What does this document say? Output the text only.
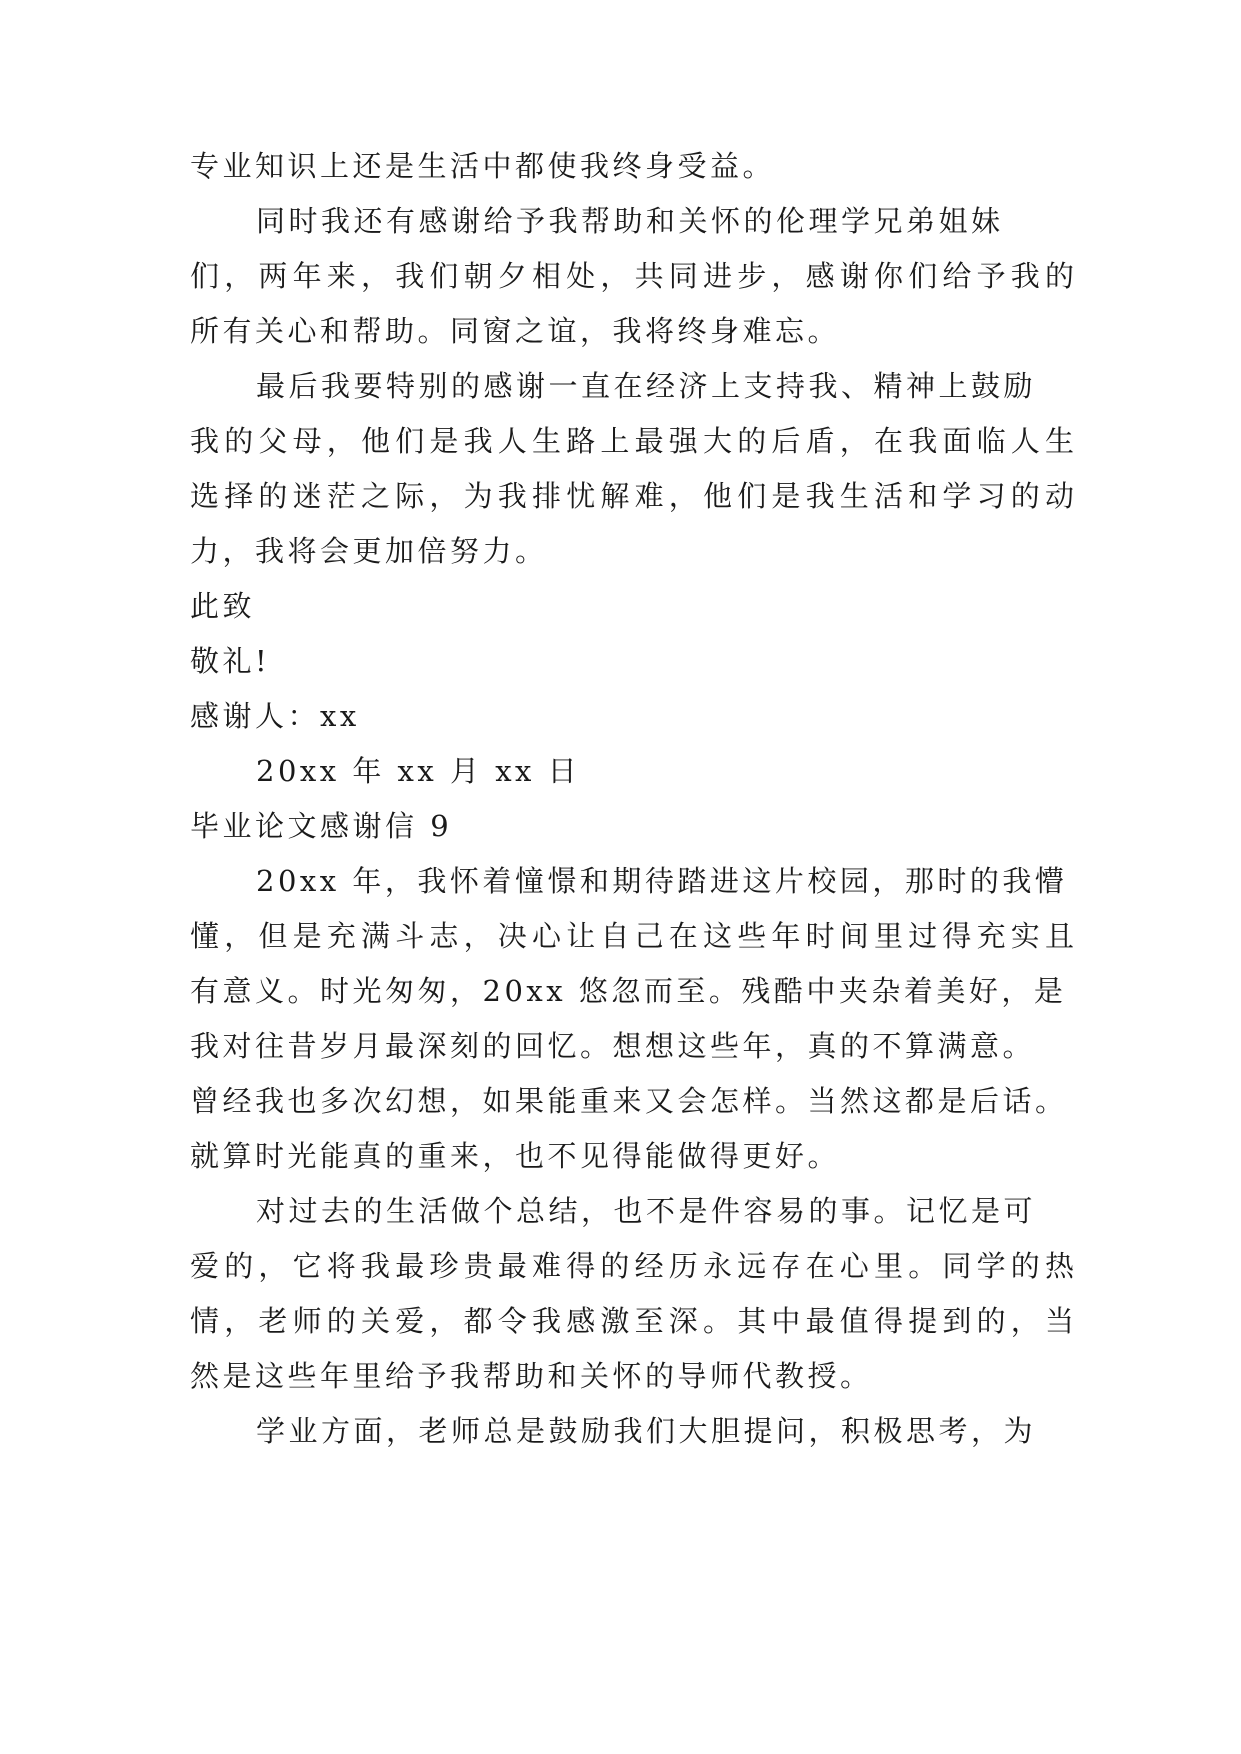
专业知识上还是生活中都使我终身受益。

同时我还有感谢给予我帮助和关怀的伦理学兄弟姐妹

们，两年来，我们朝夕相处，共同进步，感谢你们给予我的

所有关心和帮助。同窗之谊，我将终身难忘。

最后我要特别的感谢一直在经济上支持我、精神上鼓励

我的父母，他们是我人生路上最强大的后盾，在我面临人生

选择的迷茫之际，为我排忧解难，他们是我生活和学习的动

力，我将会更加倍努力。

此致

敬礼!

感谢人：xx

20xx 年 xx 月 xx 日

毕业论文感谢信 9

20xx 年，我怀着憧憬和期待踏进这片校园，那时的我懵

懂，但是充满斗志，决心让自己在这些年时间里过得充实且

有意义。时光匆匆，20xx 悠忽而至。残酷中夹杂着美好，是

我对往昔岁月最深刻的回忆。想想这些年，真的不算满意。

曾经我也多次幻想，如果能重来又会怎样。当然这都是后话。

就算时光能真的重来，也不见得能做得更好。

对过去的生活做个总结，也不是件容易的事。记忆是可

爱的，它将我最珍贵最难得的经历永远存在心里。同学的热

情，老师的关爱，都令我感激至深。其中最值得提到的，当

然是这些年里给予我帮助和关怀的导师代教授。

学业方面，老师总是鼓励我们大胆提问，积极思考，为
